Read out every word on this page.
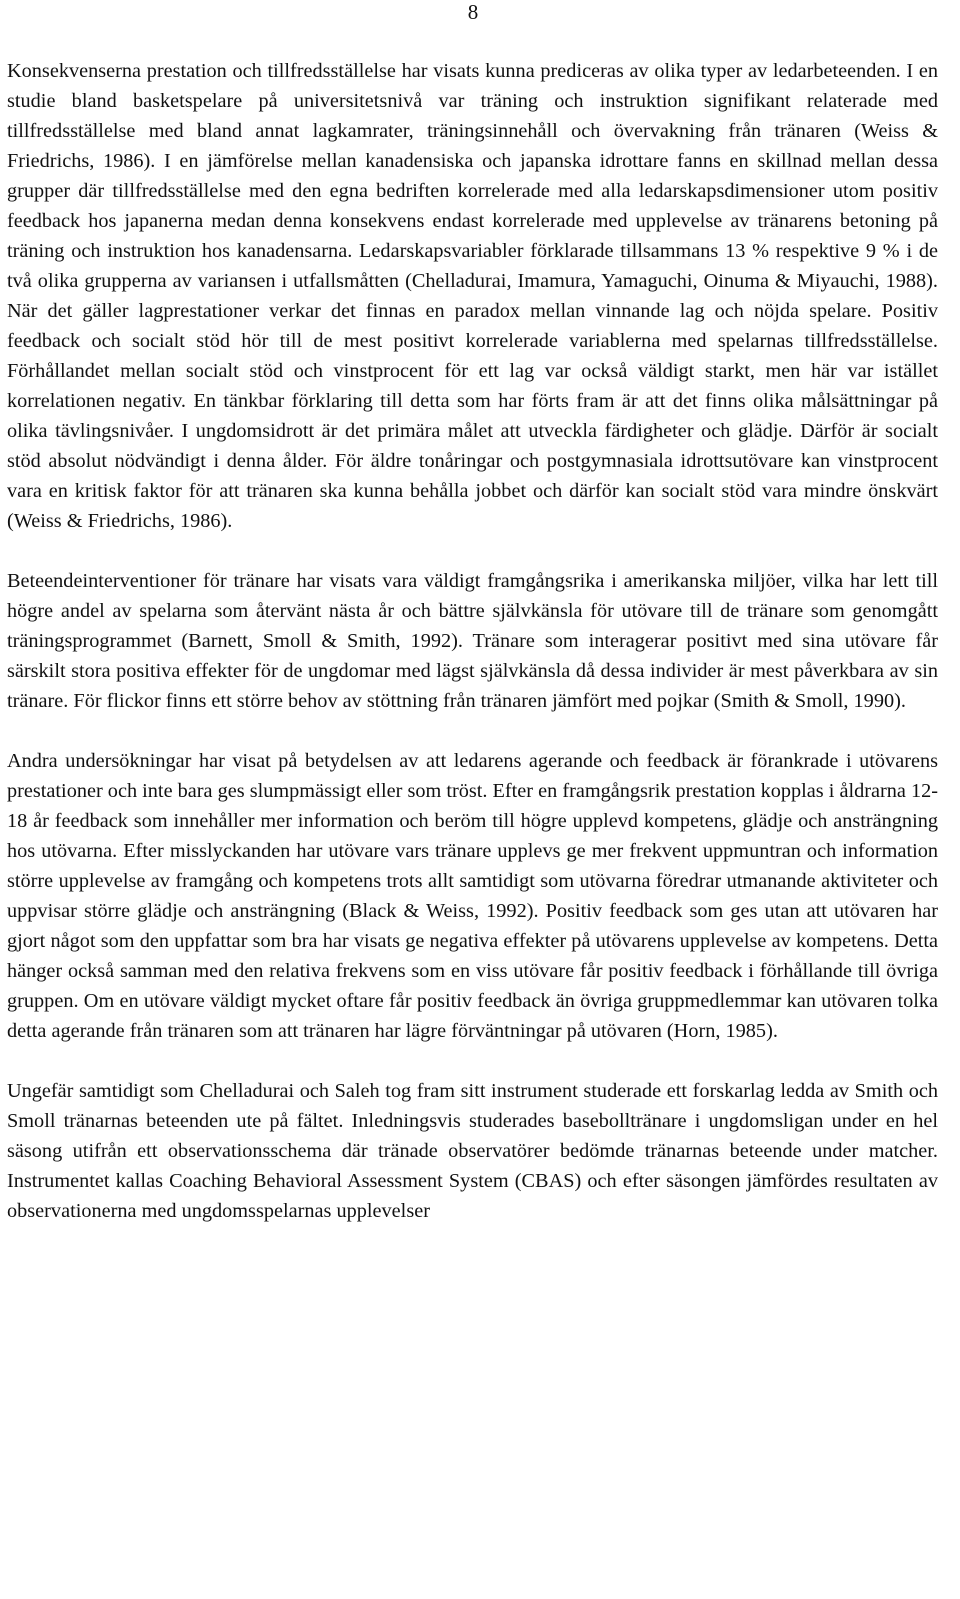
8

Konsekvenserna prestation och tillfredsställelse har visats kunna prediceras av olika typer av ledarbeteenden. I en studie bland basketspelare på universitetsnivå var träning och instruktion signifikant relaterade med tillfredsställelse med bland annat lagkamrater, träningsinnehåll och övervakning från tränaren (Weiss & Friedrichs, 1986). I en jämförelse mellan kanadensiska och japanska idrottare fanns en skillnad mellan dessa grupper där tillfredsställelse med den egna bedriften korrelerade med alla ledarskapsdimensioner utom positiv feedback hos japanerna medan denna konsekvens endast korrelerade med upplevelse av tränarens betoning på träning och instruktion hos kanadensarna. Ledarskapsvariabler förklarade tillsammans 13 % respektive 9 % i de två olika grupperna av variansen i utfallsmåtten (Chelladurai, Imamura, Yamaguchi, Oinuma & Miyauchi, 1988). När det gäller lagprestationer verkar det finnas en paradox mellan vinnande lag och nöjda spelare. Positiv feedback och socialt stöd hör till de mest positivt korrelerade variablerna med spelarnas tillfredsställelse. Förhållandet mellan socialt stöd och vinstprocent för ett lag var också väldigt starkt, men här var istället korrelationen negativ. En tänkbar förklaring till detta som har förts fram är att det finns olika målsättningar på olika tävlingsnivåer. I ungdomsidrott är det primära målet att utveckla färdigheter och glädje. Därför är socialt stöd absolut nödvändigt i denna ålder. För äldre tonåringar och postgymnasiala idrottsutövare kan vinstprocent vara en kritisk faktor för att tränaren ska kunna behålla jobbet och därför kan socialt stöd vara mindre önskvärt (Weiss & Friedrichs, 1986).

Beteendeinterventioner för tränare har visats vara väldigt framgångsrika i amerikanska miljöer, vilka har lett till högre andel av spelarna som återvänt nästa år och bättre självkänsla för utövare till de tränare som genomgått träningsprogrammet (Barnett, Smoll & Smith, 1992). Tränare som interagerar positivt med sina utövare får särskilt stora positiva effekter för de ungdomar med lägst självkänsla då dessa individer är mest påverkbara av sin tränare. För flickor finns ett större behov av stöttning från tränaren jämfört med pojkar (Smith & Smoll, 1990).

Andra undersökningar har visat på betydelsen av att ledarens agerande och feedback är förankrade i utövarens prestationer och inte bara ges slumpmässigt eller som tröst. Efter en framgångsrik prestation kopplas i åldrarna 12-18 år feedback som innehåller mer information och beröm till högre upplevd kompetens, glädje och ansträngning hos utövarna. Efter misslyckanden har utövare vars tränare upplevs ge mer frekvent uppmuntran och information större upplevelse av framgång och kompetens trots allt samtidigt som utövarna föredrar utmanande aktiviteter och uppvisar större glädje och ansträngning (Black & Weiss, 1992). Positiv feedback som ges utan att utövaren har gjort något som den uppfattar som bra har visats ge negativa effekter på utövarens upplevelse av kompetens. Detta hänger också samman med den relativa frekvens som en viss utövare får positiv feedback i förhållande till övriga gruppen. Om en utövare väldigt mycket oftare får positiv feedback än övriga gruppmedlemmar kan utövaren tolka detta agerande från tränaren som att tränaren har lägre förväntningar på utövaren (Horn, 1985).

Ungefär samtidigt som Chelladurai och Saleh tog fram sitt instrument studerade ett forskarlag ledda av Smith och Smoll tränarnas beteenden ute på fältet. Inledningsvis studerades basebolltränare i ungdomsligan under en hel säsong utifrån ett observationsschema där tränade observatörer bedömde tränarnas beteende under matcher. Instrumentet kallas Coaching Behavioral Assessment System (CBAS) och efter säsongen jämfördes resultaten av observationerna med ungdomsspelarnas upplevelser
